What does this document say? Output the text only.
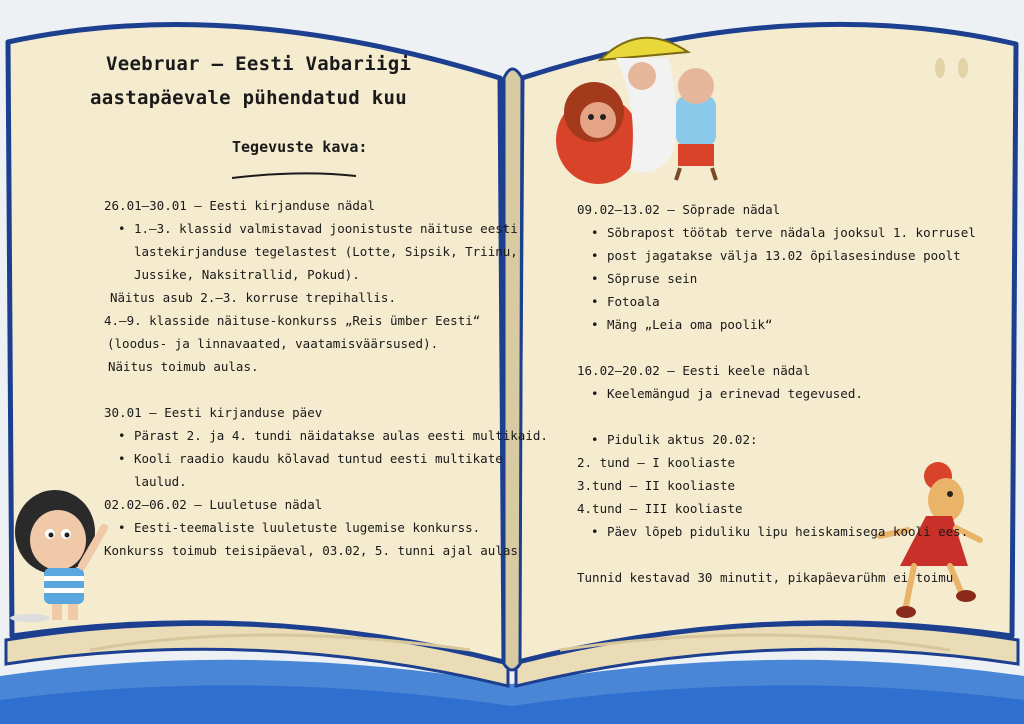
Veebruar – Eesti Vabariigi
aastapäevale pühendatud kuu
Tegevuste kava:
26.01–30.01 – Eesti kirjanduse nädal
• 1.–3. klassid valmistavad joonistuste näituse eesti
lastekirjanduse tegelastest (Lotte, Sipsik, Triinu,
Jussike, Naksitrallid, Pokud).
Näitus asub 2.–3. korruse trepihallis.
4.–9. klasside näituse-konkurss „Reis ümber Eesti“
(loodus- ja linnavaated, vaatamisväärsused).
Näitus toimub aulas.

30.01 – Eesti kirjanduse päev
• Pärast 2. ja 4. tundi näidatakse aulas eesti multikaid.
• Kooli raadio kaudu kõlavad tuntud eesti multikate
laulud.
02.02–06.02 – Luuletuse nädal
• Eesti-teemaliste luuletuste lugemise konkurss.
Konkurss toimub teisipäeval, 03.02, 5. tunni ajal aulas
09.02–13.02 – Sõprade nädal
• Sõbrapost töötab terve nädala jooksul 1. korrusel
• post jagatakse välja 13.02 õpilasesinduse poolt
• Sõpruse sein
• Fotoala
• Mäng „Leia oma poolik“

16.02–20.02 – Eesti keele nädal
• Keelemängud ja erinevad tegevused.

• Pidulik aktus 20.02:
2. tund – I kooliaste
3.tund – II kooliaste
4.tund – III kooliaste
• Päev lõpeb piduliku lipu heiskamisega kooli ees.

Tunnid kestavad 30 minutit, pikapäevarühm ei toimu
